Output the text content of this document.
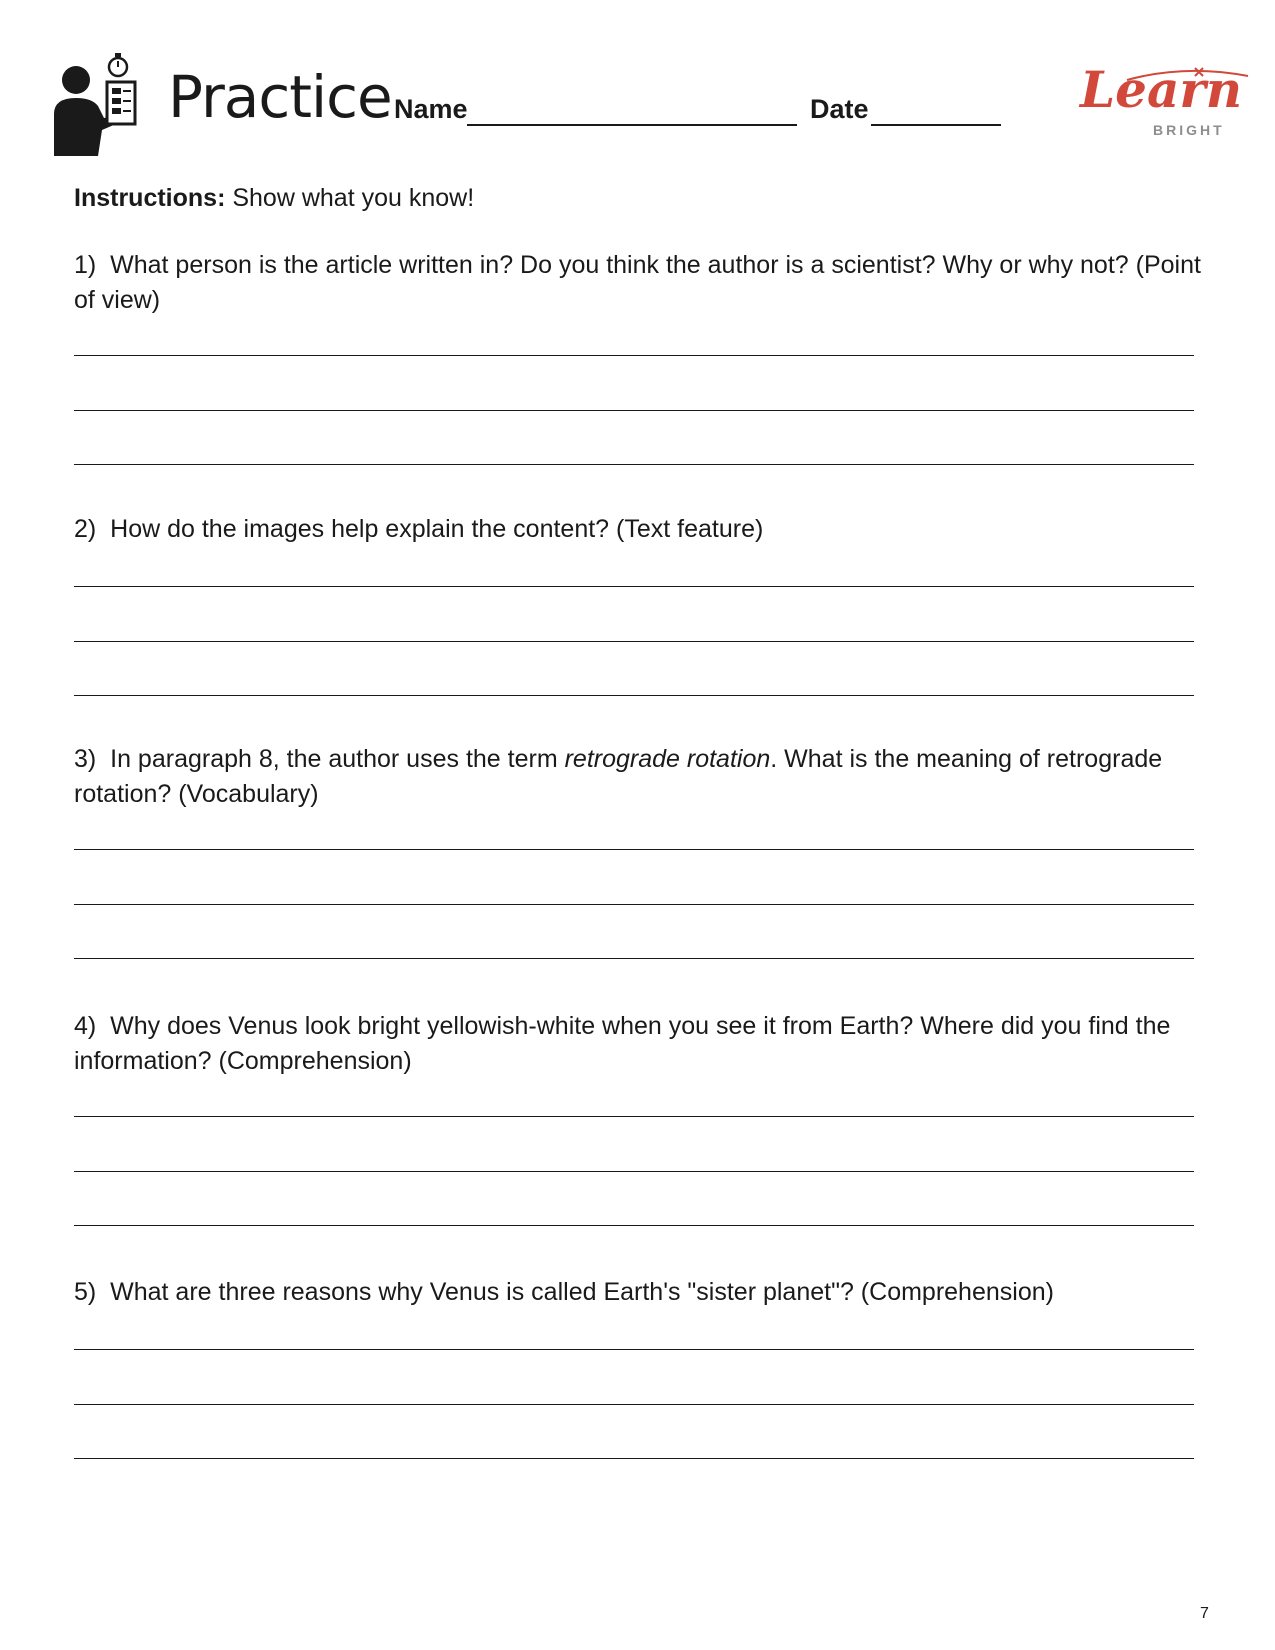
Practice Name	Date	Learn
BRIGHT
Instructions: Show what you know!
1) What person is the article written in? Do you think the author is a scientist? Why or why not? (Point of view)
2) How do the images help explain the content? (Text feature)
3) In paragraph 8, the author uses the term retrograde rotation. What is the meaning of retrograde rotation? (Vocabulary)
4) Why does Venus look bright yellowish-white when you see it from Earth? Where did you find the information? (Comprehension)
5) What are three reasons why Venus is called Earth's "sister planet"? (Comprehension)
7
